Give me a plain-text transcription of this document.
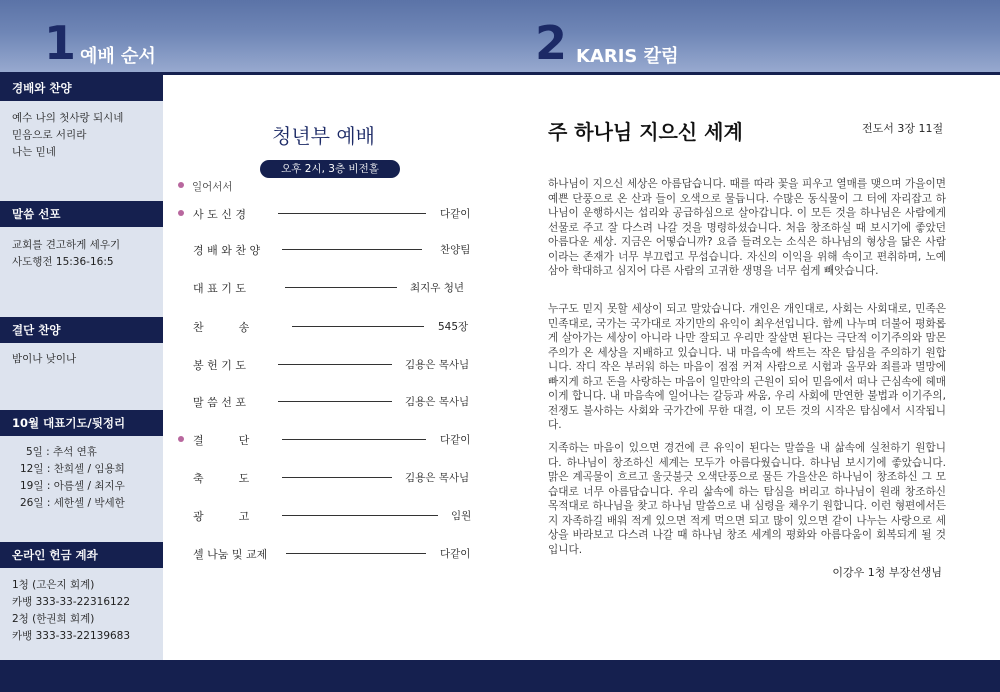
1 예배 순서	2 KARIS 칼럼
경배와 찬양
예수 나의 첫사랑 되시네
믿음으로 서리라
나는 믿네
말씀 선포
교회를 견고하게 세우기
사도행전 15:36-16:5
결단 찬양
밤이나 낮이나
10월 대표기도/뒷정리
5일 : 추석 연휴
12일 : 찬희셀 / 임용희
19일 : 아름셀 / 최지우
26일 : 세한셀 / 박세한
온라인 헌금 계좌
1청 (고은지 회계)
카뱅 333-33-22316122
2청 (한권희 회계)
카뱅 333-33-22139683
청년부 예배
오후 2시, 3층 비전홀
일어서서
사 도 신 경	다같이
경 배 와 찬 양	찬양팀
대 표 기 도	최지우 청년
찬          송	545장
봉 헌 기 도	김용은 목사님
말 씀 선 포	김용은 목사님
결          단	다같이
축          도	김용은 목사님
광          고	임원
셀 나눔 및 교제	다같이
주 하나님 지으신 세계	전도서 3장 11절
하나님이 지으신 세상은 아름답습니다. 때를 따라 꽃을 피우고 열매를 맺으며 가을이면 예쁜 단풍으로 온 산과 들이 오색으로 물듭니다. 수많은 동식물이 그 터에 자리잡고 하나님이 운행하시는 섭리와 공급하심으로 살아갑니다. 이 모든 것을 하나님은 사람에게 선물로 주고 잘 다스려 나갈 것을 명령하셨습니다. 처음 창조하실 때 보시기에 좋았던 아름다운 세상. 지금은 어떻습니까? 요즘 들려오는 소식은 하나님의 형상을 닮은 사람이라는 존재가 너무 부끄럽고 무섭습니다. 자신의 이익을 위해 속이고 편취하며, 노예삼아 학대하고 심지어 다른 사람의 고귀한 생명을 너무 쉽게 빼앗습니다.
누구도 믿지 못할 세상이 되고 말았습니다. 개인은 개인대로, 사회는 사회대로, 민족은 민족대로, 국가는 국가대로 자기만의 유익이 최우선입니다. 함께 나누며 더불어 평화롭게 살아가는 세상이 아니라 나만 잘되고 우리만 잘살면 된다는 극단적 이기주의와 맘몬주의가 온 세상을 지배하고 있습니다. 내 마음속에 싹트는 작은 탐심을 주의하기 원합니다. 작디 작은 부러워 하는 마음이 점점 커져 사람으로 시험과 올무와 죄를과 멸망에 빠지게 하고 돈을 사랑하는 마음이 일만악의 근원이 되어 믿음에서 떠나 근심속에 헤매이게 합니다. 내 마음속에 일어나는 갈등과 싸움, 우리 사회에 만연한 불법과 이기주의, 전쟁도 불사하는 사회와 국가간에 무한 대결, 이 모든 것의 시작은 탐심에서 시작됩니다.
지족하는 마음이 있으면 경건에 큰 유익이 된다는 말씀을 내 삶속에 실천하기 원합니다. 하나님이 창조하신 세계는 모두가 아름다웠습니다. 하나님 보시기에 좋았습니다. 맑은 계곡물이 흐르고 울긋불긋 오색단풍으로 물든 가을산은 하나님이 창조하신 그 모습대로 너무 아름답습니다. 우리 삶속에 하는 탐심을 버리고 하나님이 원래 창조하신 목적대로 하나님을 찾고 하나님 말씀으로 내 심령을 채우기 원합니다. 이런 형편에서든지 자족하길 배워 적게 있으면 적게 먹으면 되고 많이 있으면 같이 나누는 사랑으로 세상을 바라보고 다스려 나갈 때 하나님 창조 세계의 평화와 아름다움이 회복되게 될 것입니다.
이강우 1청 부장선생님
